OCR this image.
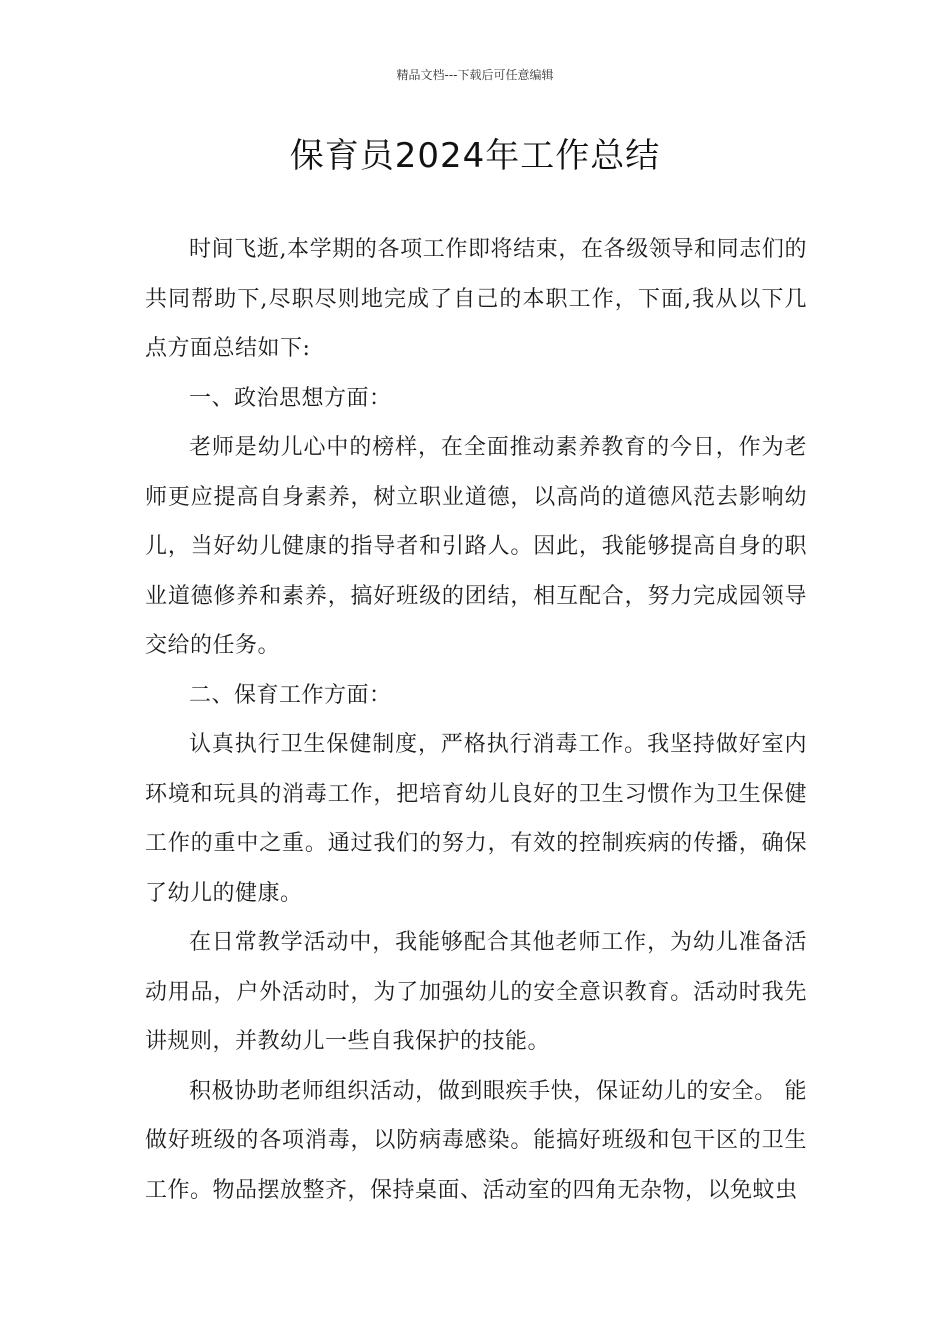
精品文档---下载后可任意编辑
保育员2024年工作总结

时间飞逝,本学期的各项工作即将结束，在各级领导和同志们的共同帮助下,尽职尽则地完成了自己的本职工作，下面,我从以下几点方面总结如下:

一、政治思想方面：

老师是幼儿心中的榜样，在全面推动素养教育的今日，作为老师更应提高自身素养，树立职业道德，以高尚的道德风范去影响幼儿，当好幼儿健康的指导者和引路人。因此，我能够提高自身的职业道德修养和素养，搞好班级的团结，相互配合，努力完成园领导交给的任务。

二、保育工作方面：

认真执行卫生保健制度，严格执行消毒工作。我坚持做好室内环境和玩具的消毒工作，把培育幼儿良好的卫生习惯作为卫生保健工作的重中之重。通过我们的努力，有效的控制疾病的传播，确保了幼儿的健康。

在日常教学活动中，我能够配合其他老师工作，为幼儿准备活动用品，户外活动时，为了加强幼儿的安全意识教育。活动时我先讲规则，并教幼儿一些自我保护的技能。

积极协助老师组织活动，做到眼疾手快，保证幼儿的安全。 能做好班级的各项消毒，以防病毒感染。能搞好班级和包干区的卫生工作。物品摆放整齐，保持桌面、活动室的四角无杂物，以免蚊虫
